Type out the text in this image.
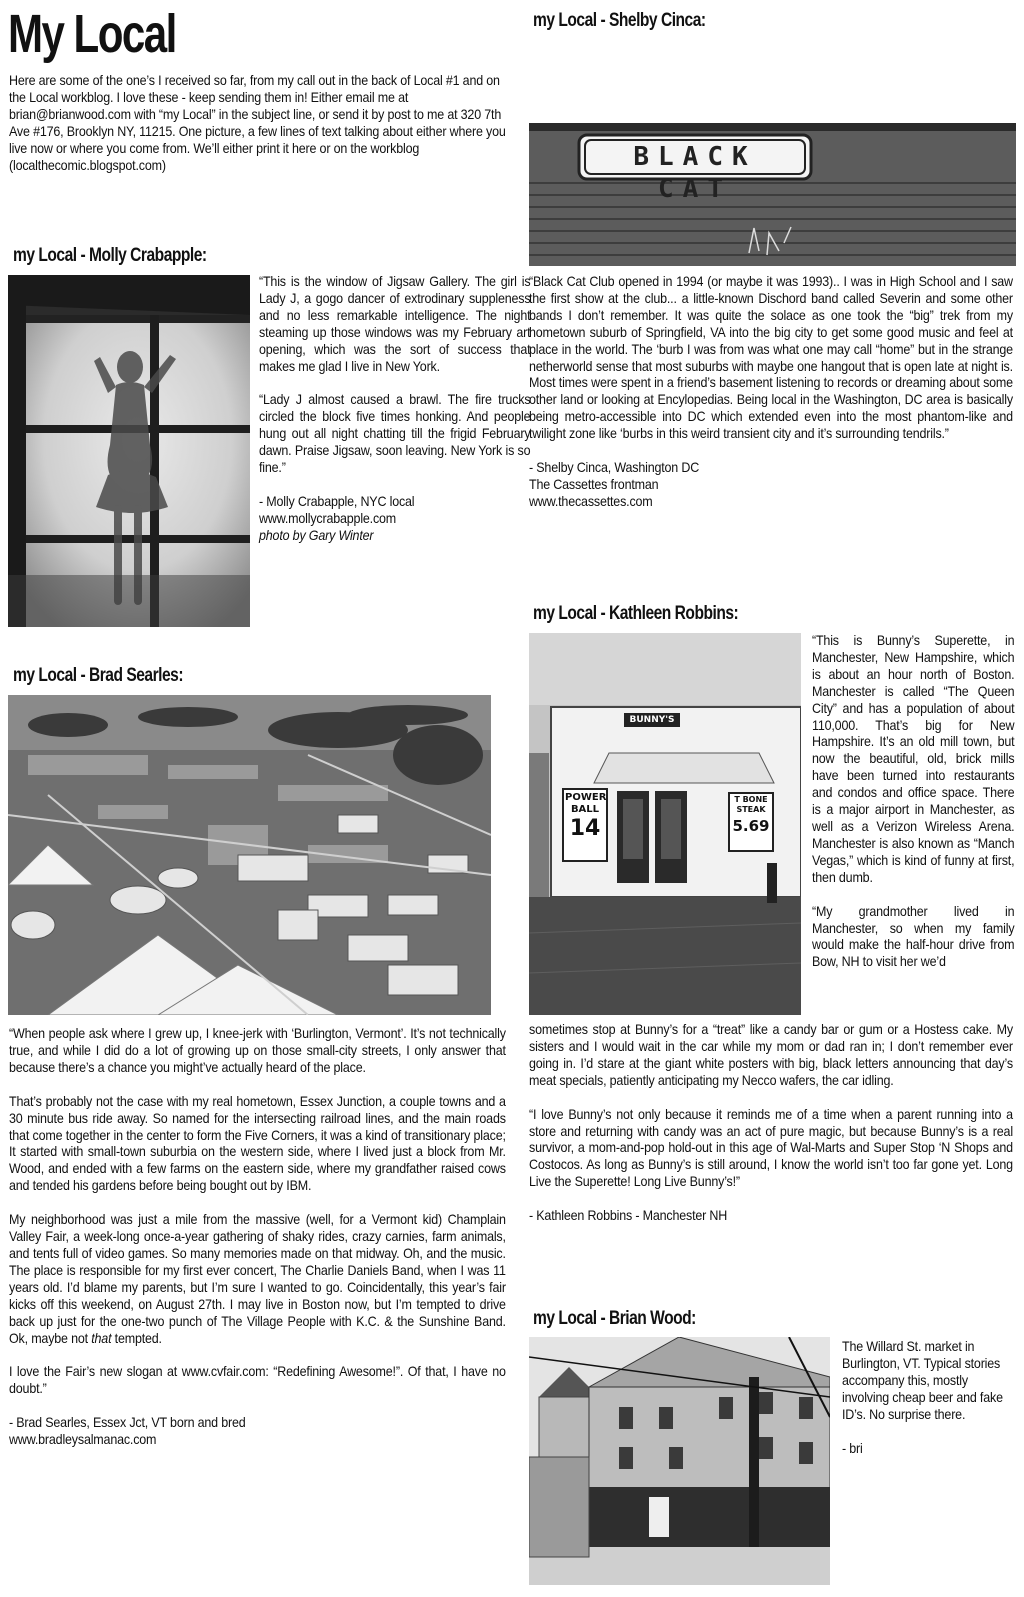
My Local
Here are some of the one’s I received so far, from my call out in the back of Local #1 and on the Local workblog. I love these - keep sending them in! Either email me at brian@brianwood.com with “my Local” in the subject line, or send it by post to me at 320 7th Ave #176, Brooklyn NY, 11215. One picture, a few lines of text talking about either where you live now or where you come from. We’ll either print it here or on the workblog (localthecomic.blogspot.com)
my Local - Molly Crabapple:

“This is the window of Jigsaw Gallery. The girl is Lady J, a gogo dancer of extrodinary suppleness and no less remarkable intelligence. The night steaming up those windows was my February art opening, which was the sort of success that makes me glad I live in New York.

“Lady J almost caused a brawl. The fire trucks circled the block five times honking. And people hung out all night chatting till the frigid February dawn. Praise Jigsaw, soon leaving. New York is so fine.”

- Molly Crabapple, NYC local
www.mollycrabapple.com
photo by Gary Winter
my Local - Brad Searles:

“When people ask where I grew up, I knee-jerk with ‘Burlington, Vermont’. It’s not technically true, and while I did do a lot of growing up on those small-city streets, I only answer that because there’s a chance you might’ve actually heard of the place.

That’s probably not the case with my real hometown, Essex Junction, a couple towns and a 30 minute bus ride away. So named for the intersecting railroad lines, and the main roads that come together in the center to form the Five Corners, it was a kind of transitionary place; It started with small-town suburbia on the western side, where I lived just a block from Mr. Wood, and ended with a few farms on the eastern side, where my grandfather raised cows and tended his gardens before being bought out by IBM.

My neighborhood was just a mile from the massive (well, for a Vermont kid) Champlain Valley Fair, a week-long once-a-year gathering of shaky rides, crazy carnies, farm animals, and tents full of video games. So many memories made on that midway. Oh, and the music. The place is responsible for my first ever concert, The Charlie Daniels Band, when I was 11 years old. I’d blame my parents, but I’m sure I wanted to go. Coincidentally, this year’s fair kicks off this weekend, on August 27th. I may live in Boston now, but I’m tempted to drive back up just for the one-two punch of The Village People with K.C. & the Sunshine Band. Ok, maybe not that tempted.

I love the Fair’s new slogan at www.cvfair.com: “Redefining Awesome!”. Of that, I have no doubt.”

- Brad Searles, Essex Jct, VT born and bred
www.bradleysalmanac.com
my Local - Shelby Cinca:
BLACK CAT

“Black Cat Club opened in 1994 (or maybe it was 1993).. I was in High School and I saw the first show at the club... a little-known Dischord band called Severin and some other bands I don’t remember. It was quite the solace as one took the “big” trek from my hometown suburb of Springfield, VA into the big city to get some good music and feel at place in the world. The ‘burb I was from was what one may call “home” but in the strange netherworld sense that most suburbs with maybe one hangout that is open late at night is. Most times were spent in a friend’s basement listening to records or dreaming about some other land or looking at Encylopedias. Being local in the Washington, DC area is basically being metro-accessible into DC which extended even into the most phantom-like and twilight zone like ‘burbs in this weird transient city and it’s surrounding tendrils.”

- Shelby Cinca, Washington DC
The Cassettes frontman
www.thecassettes.com
my Local - Kathleen Robbins:
BUNNY'S
POWER
BALL
14
T BONE
STEAK
5.69

“This is Bunny’s Superette, in Manchester, New Hampshire, which is about an hour north of Boston. Manchester is called “The Queen City” and has a population of about 110,000. That’s big for New Hampshire. It’s an old mill town, but now the beautiful, old, brick mills have been turned into restaurants and condos and office space. There is a major airport in Manchester, as well as a Verizon Wireless Arena. Manchester is also known as “Manch Vegas,” which is kind of funny at first, then dumb.

“My grandmother lived in Manchester, so when my family would make the half-hour drive from Bow, NH to visit her we’d

sometimes stop at Bunny’s for a “treat” like a candy bar or gum or a Hostess cake. My sisters and I would wait in the car while my mom or dad ran in; I don’t remember ever going in. I’d stare at the giant white posters with big, black letters announcing that day’s meat specials, patiently anticipating my Necco wafers, the car idling.

“I love Bunny’s not only because it reminds me of a time when a parent running into a store and returning with candy was an act of pure magic, but because Bunny’s is a real survivor, a mom-and-pop hold-out in this age of Wal-Marts and Super Stop ‘N Shops and Costocos. As long as Bunny’s is still around, I know the world isn’t too far gone yet. Long Live the Superette! Long Live Bunny’s!”

- Kathleen Robbins - Manchester NH
my Local - Brian Wood:

The Willard St. market in Burlington, VT. Typical stories accompany this, mostly involving cheap beer and fake ID’s. No surprise there.

- bri
